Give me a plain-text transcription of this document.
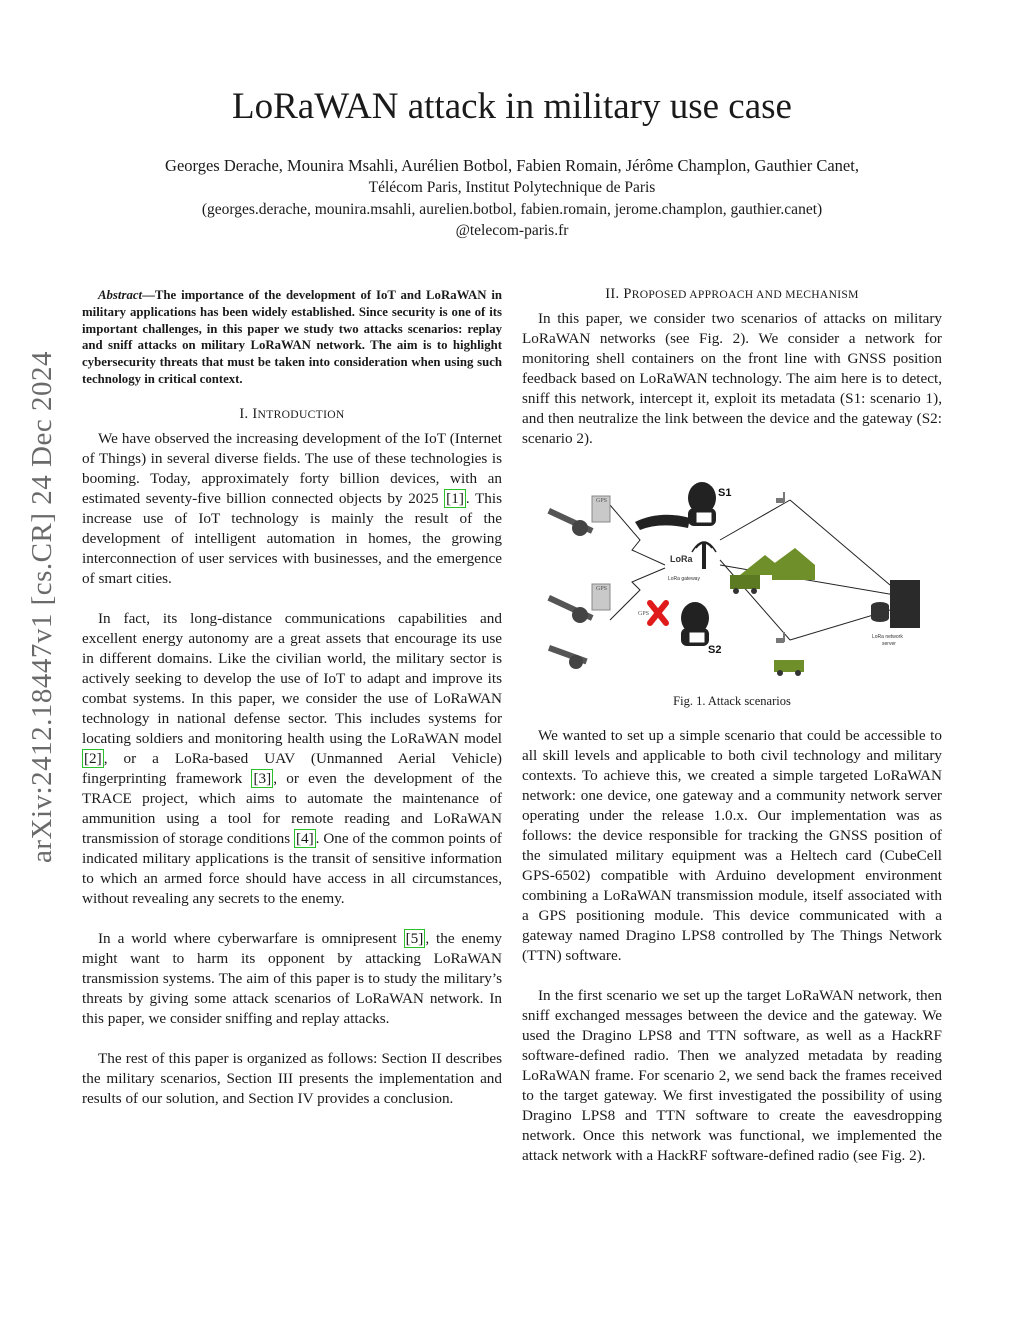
arXiv:2412.18447v1 [cs.CR] 24 Dec 2024
LoRaWAN attack in military use case
Georges Derache, Mounira Msahli, Aurélien Botbol, Fabien Romain, Jérôme Champlon, Gauthier Canet,
Télécom Paris, Institut Polytechnique de Paris
(georges.derache, mounira.msahli, aurelien.botbol, fabien.romain, jerome.champlon, gauthier.canet)
@telecom-paris.fr

Abstract—The importance of the development of IoT and LoRaWAN in military applications has been widely established. Since security is one of its important challenges, in this paper we study two attacks scenarios: replay and sniff attacks on military LoRaWAN network. The aim is to highlight cybersecurity threats that must be taken into consideration when using such technology in critical context.

I. INTRODUCTION

We have observed the increasing development of the IoT (Internet of Things) in several diverse fields. The use of these technologies is booming. Today, approximately forty billion devices, with an estimated seventy-five billion connected objects by 2025 [1] . This increase use of IoT technology is mainly the result of the development of intelligent automation in homes, the growing interconnection of user services with businesses, and the emergence of smart cities.

In fact, its long-distance communications capabilities and excellent energy autonomy are a great assets that encourage its use in different domains. Like the civilian world, the military sector is actively seeking to develop the use of IoT to adapt and improve its combat systems. In this paper, we consider the use of LoRaWAN technology in national defense sector. This includes systems for locating soldiers and monitoring health using the LoRaWAN model [2] , or a LoRa-based UAV (Unmanned Aerial Vehicle) fingerprinting framework [3] , or even the development of the TRACE project, which aims to automate the maintenance of ammunition using a tool for remote reading and LoRaWAN transmission of storage conditions [4] . One of the common points of indicated military applications is the transit of sensitive information to which an armed force should have access in all circumstances, without revealing any secrets to the enemy.

In a world where cyberwarfare is omnipresent [5] , the enemy might want to harm its opponent by attacking LoRaWAN transmission systems. The aim of this paper is to study the military’s threats by giving some attack scenarios of LoRaWAN network. In this paper, we consider sniffing and replay attacks.

The rest of this paper is organized as follows: Section II describes the military scenarios, Section III presents the implementation and results of our solution, and Section IV provides a conclusion.

II. PROPOSED APPROACH AND MECHANISM

In this paper, we consider two scenarios of attacks on military LoRaWAN networks (see Fig. 2). We consider a network for monitoring shell containers on the front line with GNSS position feedback based on LoRaWAN technology. The aim here is to detect, sniff this network, intercept it, exploit its metadata (S1: scenario 1), and then neutralize the link between the device and the gateway (S2: scenario 2).

GPS
GPS
GPS
S1
LoRa
LoRa gateway
S2
LoRa network
server
Fig. 1. Attack scenarios

We wanted to set up a simple scenario that could be accessible to all skill levels and applicable to both civil technology and military contexts. To achieve this, we created a simple targeted LoRaWAN network: one device, one gateway and a community network server operating under the release 1.0.x. Our implementation was as follows: the device responsible for tracking the GNSS position of the simulated military equipment was a Heltech card (CubeCell GPS-6502) compatible with Arduino development environment combining a LoRaWAN transmission module, itself associated with a GPS positioning module. This device communicated with a gateway named Dragino LPS8 controlled by The Things Network (TTN) software.

In the first scenario we set up the target LoRaWAN network, then sniff exchanged messages between the device and the gateway. We used the Dragino LPS8 and TTN software, as well as a HackRF software-defined radio. Then we analyzed metadata by reading LoRaWAN frame. For scenario 2, we send back the frames received to the target gateway. We first investigated the possibility of using Dragino LPS8 and TTN software to create the eavesdropping network. Once this network was functional, we implemented the attack network with a HackRF software-defined radio (see Fig. 2).
